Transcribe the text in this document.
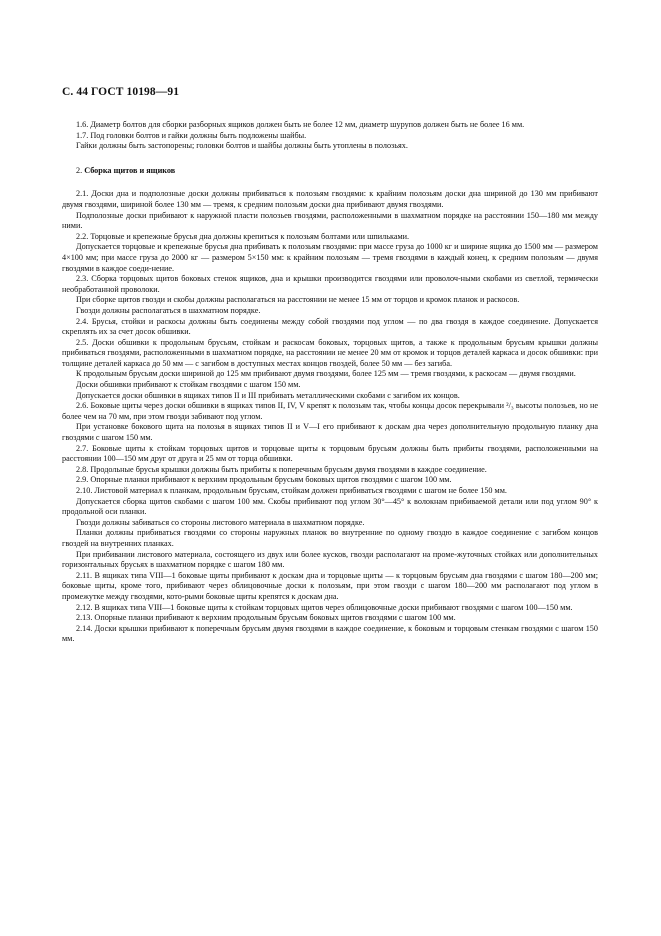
С. 44 ГОСТ 10198—91

1.6. Диаметр болтов для сборки разборных ящиков должен быть не более 12 мм, диаметр шурупов должен быть не более 16 мм.

1.7. Под головки болтов и гайки должны быть подложены шайбы.

Гайки должны быть застопорены; головки болтов и шайбы должны быть утоплены в полозьях.

2. Сборка щитов и ящиков

2.1. Доски дна и подполозные доски должны прибиваться к полозьям гвоздями: к крайним полозьям доски дна шириной до 130 мм прибивают двумя гвоздями, шириной более 130 мм — тремя, к средним полозьям доски дна прибивают двумя гвоздями.

Подполозные доски прибивают к наружной пласти полозьев гвоздями, расположенными в шахматном порядке на расстоянии 150—180 мм между ними.

2.2. Торцовые и крепежные брусья дна должны крепиться к полозьям болтами или шпильками.

Допускается торцовые и крепежные брусья дна прибивать к полозьям гвоздями: при массе груза до 1000 кг и ширине ящика до 1500 мм — размером 4×100 мм; при массе груза до 2000 кг — размером 5×150 мм: к крайним полозьям — тремя гвоздями в каждый конец, к средним полозьям — двумя гвоздями в каждое соеди-нение.

2.3. Сборка торцовых щитов боковых стенок ящиков, дна и крышки производится гвоздями или проволоч-ными скобами из светлой, термически необработанной проволоки.

При сборке щитов гвозди и скобы должны располагаться на расстоянии не менее 15 мм от торцов и кромок планок и раскосов.

Гвозди должны располагаться в шахматном порядке.

2.4. Брусья, стойки и раскосы должны быть соединены между собой гвоздями под углом — по два гвоздя в каждое соединение. Допускается скреплять их за счет досок обшивки.

2.5. Доски обшивки к продольным брусьям, стойкам и раскосам боковых, торцовых щитов, а также к продольным брусьям крышки должны прибиваться гвоздями, расположенными в шахматном порядке, на расстоянии не менее 20 мм от кромок и торцов деталей каркаса и досок обшивки: при толщине деталей каркаса до 50 мм — с загибом в доступных местах концов гвоздей, более 50 мм — без загиба.

К продольным брусьям доски шириной до 125 мм прибивают двумя гвоздями, более 125 мм — тремя гвоздями, к раскосам — двумя гвоздями.

Доски обшивки прибивают к стойкам гвоздями с шагом 150 мм.

Допускается доски обшивки в ящиках типов II и III прибивать металлическими скобами с загибом их концов.

2.6. Боковые щиты через доски обшивки в ящиках типов II, IV, V крепят к полозьям так, чтобы концы досок перекрывали ²/₃ высоты полозьев, но не более чем на 70 мм, при этом гвозди забивают под углом.

При установке бокового щита на полозья в ящиках типов II и V—I его прибивают к доскам дна через дополнительную продольную планку дна гвоздями с шагом 150 мм.

2.7. Боковые щиты к стойкам торцовых щитов и торцовые щиты к торцовым брусьям должны быть прибиты гвоздями, расположенными на расстоянии 100—150 мм друг от друга и 25 мм от торца обшивки.

2.8. Продольные брусья крышки должны быть прибиты к поперечным брусьям двумя гвоздями в каждое соединение.

2.9. Опорные планки прибивают к верхним продольным брусьям боковых щитов гвоздями с шагом 100 мм.

2.10. Листовой материал к планкам, продольным брусьям, стойкам должен прибиваться гвоздями с шагом не более 150 мм.

Допускается сборка щитов скобами с шагом 100 мм. Скобы прибивают под углом 30°—45° к волокнам прибиваемой детали или под углом 90° к продольной оси планки.

Гвозди должны забиваться со стороны листового материала в шахматном порядке.

Планки должны прибиваться гвоздями со стороны наружных планок во внутренние по одному гвоздю в каждое соединение с загибом концов гвоздей на внутренних планках.

При прибивании листового материала, состоящего из двух или более кусков, гвозди располагают на проме-жуточных стойках или дополнительных горизонтальных брусьях в шахматном порядке с шагом 180 мм.

2.11. В ящиках типа VIII—1 боковые щиты прибивают к доскам дна и торцовые щиты — к торцовым брусьям дна гвоздями с шагом 180—200 мм; боковые щиты, кроме того, прибивают через облицовочные доски к полозьям, при этом гвозди с шагом 180—200 мм располагают под углом в промежутке между гвоздями, кото-рыми боковые щиты крепятся к доскам дна.

2.12. В ящиках типа VIII—1 боковые щиты к стойкам торцовых щитов через облицовочные доски прибивают гвоздями с шагом 100—150 мм.

2.13. Опорные планки прибивают к верхним продольным брусьям боковых щитов гвоздями с шагом 100 мм.

2.14. Доски крышки прибивают к поперечным брусьям двумя гвоздями в каждое соединение, к боковым и торцовым стенкам гвоздями с шагом 150 мм.
